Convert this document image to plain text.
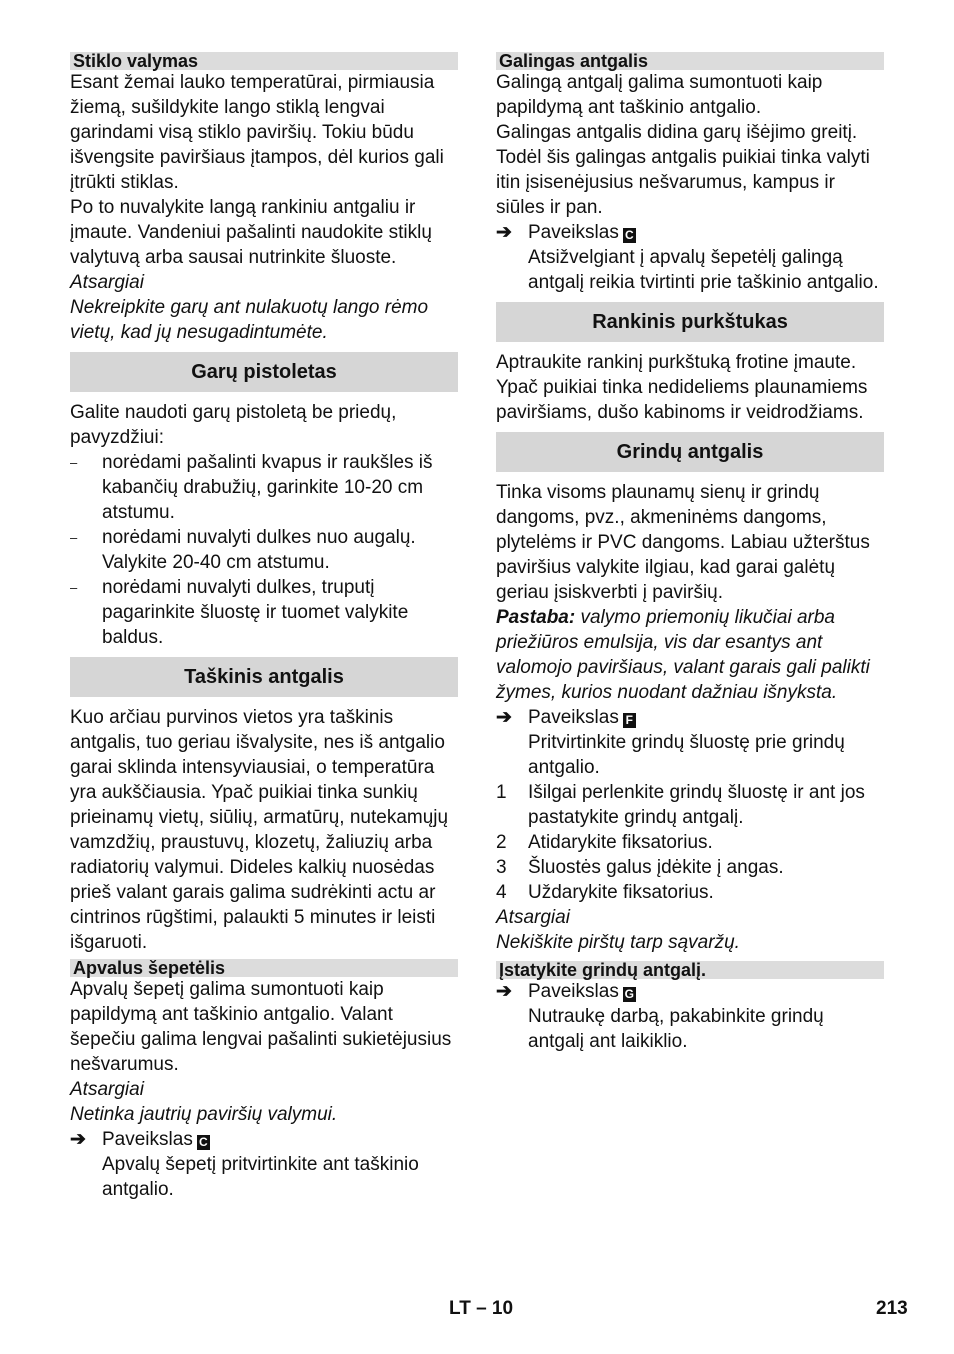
Stiklo valymas

Esant žemai lauko temperatūrai, pirmiausia žiemą, sušildykite lango stiklą lengvai garindami visą stiklo paviršių. Tokiu būdu išvengsite paviršiaus įtampos, dėl kurios gali įtrūkti stiklas.

Po to nuvalykite langą rankiniu antgaliu ir įmaute. Vandeniui pašalinti naudokite stiklų valytuvą arba sausai nutrinkite šluoste.

Atsargiai

Nekreipkite garų ant nulakuotų lango rėmo vietų, kad jų nesugadintumėte.

Garų pistoletas

Galite naudoti garų pistoletą be priedų, pavyzdžiui:

–	norėdami pašalinti kvapus ir raukšles iš kabančių drabužių, garinkite 10-20 cm atstumu.
–	norėdami nuvalyti dulkes nuo augalų. Valykite 20-40 cm atstumu.
–	norėdami nuvalyti dulkes, truputį pagarinkite šluostę ir tuomet valykite baldus.
Taškinis antgalis

Kuo arčiau purvinos vietos yra taškinis antgalis, tuo geriau išvalysite, nes iš antgalio garai sklinda intensyviausiai, o temperatūra yra aukščiausia. Ypač puikiai tinka sunkių prieinamų vietų, siūlių, armatūrų, nutekamųjų vamzdžių, praustuvų, klozetų, žaliuzių arba radiatorių valymui. Dideles kalkių nuosėdas prieš valant garais galima sudrėkinti actu ar cintrinos rūgštimi, palaukti 5 minutes ir leisti išgaruoti.

Apvalus šepetėlis

Apvalų šepetį galima sumontuoti kaip papildymą ant taškinio antgalio. Valant šepečiu galima lengvai pašalinti sukietėjusius nešvarumus.

Atsargiai

Netinka jautrių paviršių valymui.

➔ Paveikslas C
Apvalų šepetį pritvirtinkite ant taškinio antgalio.
Galingas antgalis

Galingą antgalį galima sumontuoti kaip papildymą ant taškinio antgalio.

Galingas antgalis didina garų išėjimo greitį. Todėl šis galingas antgalis puikiai tinka valyti itin įsisenėjusius nešvarumus, kampus ir siūles ir pan.

➔ Paveikslas C
Atsižvelgiant į apvalų šepetėlį galingą antgalį reikia tvirtinti prie taškinio antgalio.
Rankinis purkštukas

Aptraukite rankinį purkštuką frotine įmaute. Ypač puikiai tinka nedideliems plaunamiems paviršiams, dušo kabinoms ir veidrodžiams.

Grindų antgalis

Tinka visoms plaunamų sienų ir grindų dangoms, pvz., akmeninėms dangoms, plytelėms ir PVC dangoms. Labiau užterštus paviršius valykite ilgiau, kad garai galėtų geriau įsiskverbti į paviršių.

Pastaba: valymo priemonių likučiai arba priežiūros emulsija, vis dar esantys ant valomojo paviršiaus, valant garais gali palikti žymes, kurios nuodant dažniau išnyksta.

➔ Paveikslas F
Pritvirtinkite grindų šluostę prie grindų antgalio.
1	Išilgai perlenkite grindų šluostę ir ant jos pastatykite grindų antgalį.
2	Atidarykite fiksatorius.
3	Šluostės galus įdėkite į angas.
4	Uždarykite fiksatorius.

Atsargiai

Nekiškite pirštų tarp sąvaržų.

Įstatykite grindų antgalį.
➔ Paveikslas G
Nutraukę darbą, pakabinkite grindų antgalį ant laikiklio.
LT – 10	213
